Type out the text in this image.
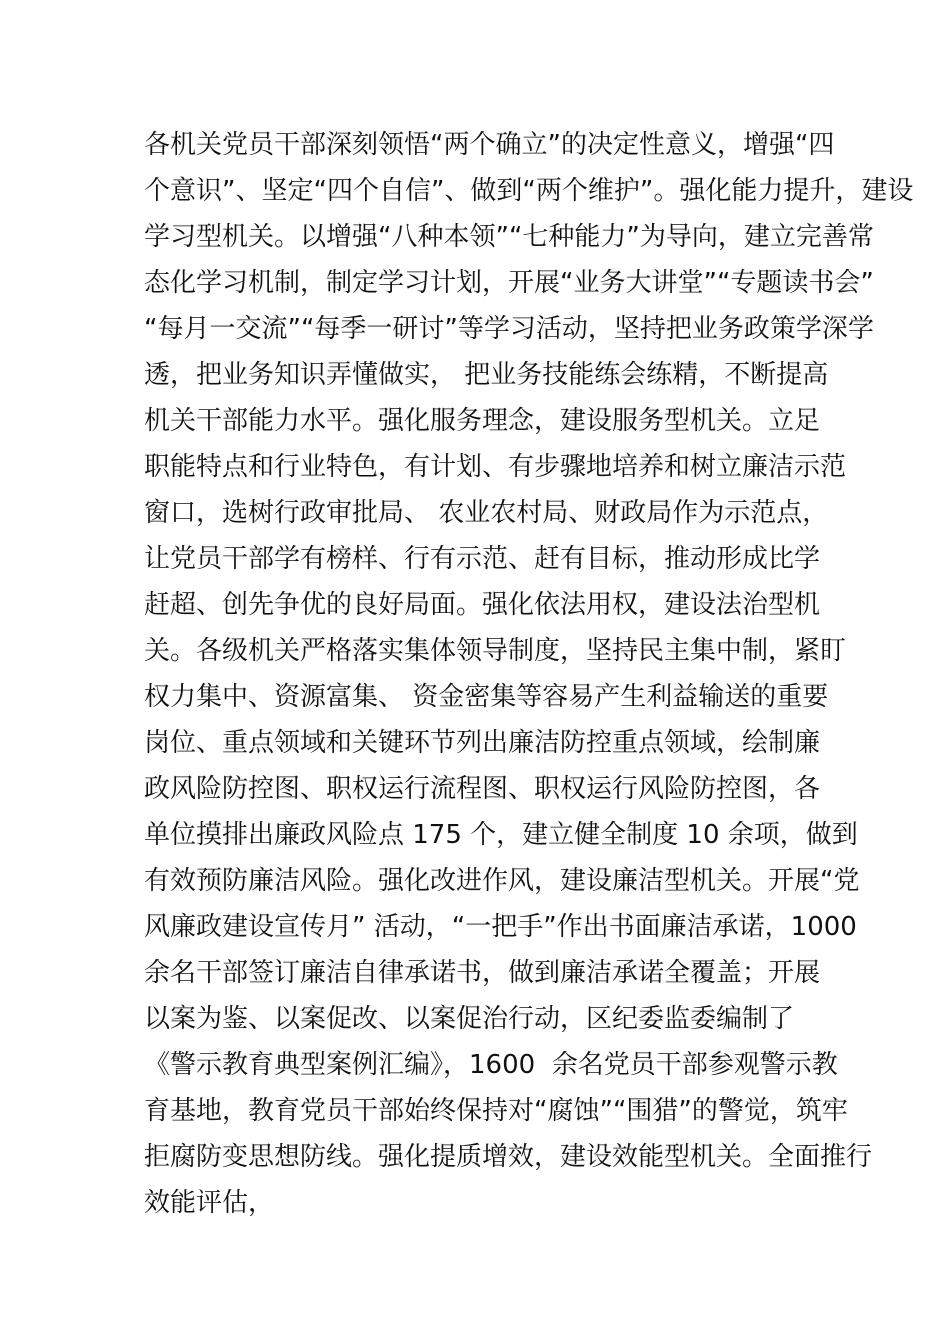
各机关党员干部深刻领悟“两个确立”的决定性意义，增强“四
个意识”、坚定“四个自信”、做到“两个维护”。强化能力提升，建设
学习型机关。以增强“八种本领”“七种能力”为导向，建立完善常
态化学习机制，制定学习计划，开展“业务大讲堂”“专题读书会”
“每月一交流”“每季一研讨”等学习活动，坚持把业务政策学深学
透，把业务知识弄懂做实， 把业务技能练会练精，不断提高
机关干部能力水平。强化服务理念，建设服务型机关。立足
职能特点和行业特色，有计划、有步骤地培养和树立廉洁示范
窗口，选树行政审批局、 农业农村局、财政局作为示范点，
让党员干部学有榜样、行有示范、赶有目标，推动形成比学
赶超、创先争优的良好局面。强化依法用权，建设法治型机
关。各级机关严格落实集体领导制度，坚持民主集中制，紧盯
权力集中、资源富集、 资金密集等容易产生利益输送的重要
岗位、重点领域和关键环节列出廉洁防控重点领域，绘制廉
政风险防控图、职权运行流程图、职权运行风险防控图，各
单位摸排出廉政风险点 175 个，建立健全制度 10 余项，做到
有效预防廉洁风险。强化改进作风，建设廉洁型机关。开展“党
风廉政建设宣传月” 活动，“一把手”作出书面廉洁承诺，1000
余名干部签订廉洁自律承诺书，做到廉洁承诺全覆盖；开展
以案为鉴、以案促改、以案促治行动，区纪委监委编制了
《警示教育典型案例汇编》，1600  余名党员干部参观警示教
育基地，教育党员干部始终保持对“腐蚀”“围猎”的警觉，筑牢
拒腐防变思想防线。强化提质增效，建设效能型机关。全面推行
效能评估，
